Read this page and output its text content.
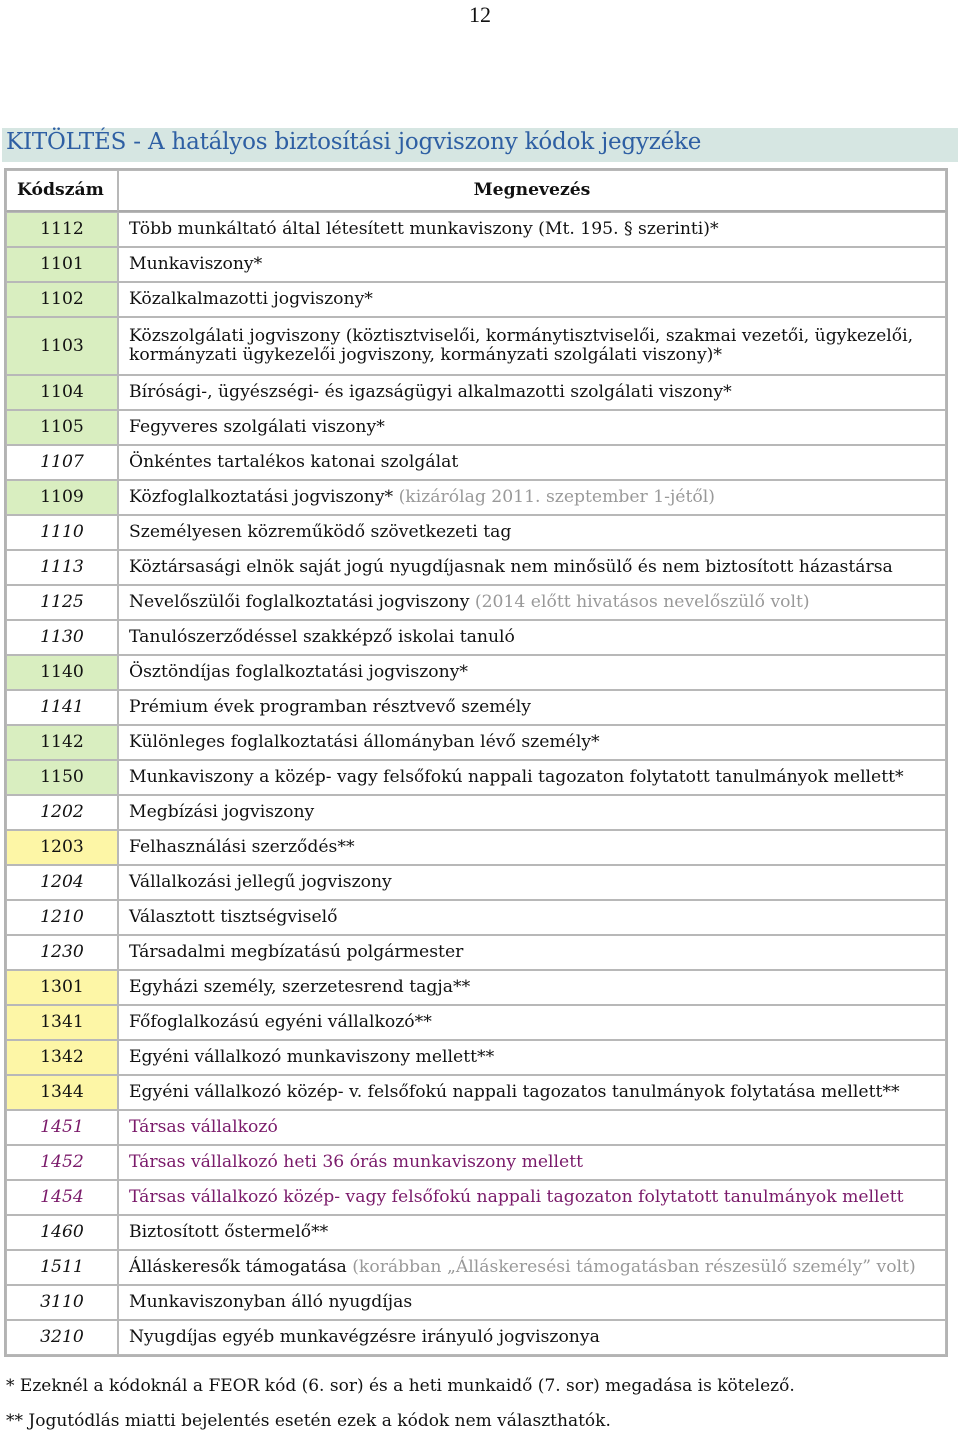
12
KITÖLTÉS - A hatályos biztosítási jogviszony kódok jegyzéke
Kódszám	Megnevezés
1112	Több munkáltató által létesített munkaviszony (Mt. 195. § szerinti)*
1101	Munkaviszony*
1102	Közalkalmazotti jogviszony*
1103	Közszolgálati jogviszony (köztisztviselői, kormánytisztviselői, szakmai vezetői, ügykezelői, kormányzati ügykezelői jogviszony, kormányzati szolgálati viszony)*
1104	Bírósági-, ügyészségi- és igazságügyi alkalmazotti szolgálati viszony*
1105	Fegyveres szolgálati viszony*
1107	Önkéntes tartalékos katonai szolgálat
1109	Közfoglalkoztatási jogviszony* (kizárólag 2011. szeptember 1-jétől)
1110	Személyesen közreműködő szövetkezeti tag
1113	Köztársasági elnök saját jogú nyugdíjasnak nem minősülő és nem biztosított házastársa
1125	Nevelőszülői foglalkoztatási jogviszony (2014 előtt hivatásos nevelőszülő volt)
1130	Tanulószerződéssel szakképző iskolai tanuló
1140	Ösztöndíjas foglalkoztatási jogviszony*
1141	Prémium évek programban résztvevő személy
1142	Különleges foglalkoztatási állományban lévő személy*
1150	Munkaviszony a közép- vagy felsőfokú nappali tagozaton folytatott tanulmányok mellett*
1202	Megbízási jogviszony
1203	Felhasználási szerződés**
1204	Vállalkozási jellegű jogviszony
1210	Választott tisztségviselő
1230	Társadalmi megbízatású polgármester
1301	Egyházi személy, szerzetesrend tagja**
1341	Főfoglalkozású egyéni vállalkozó**
1342	Egyéni vállalkozó munkaviszony mellett**
1344	Egyéni vállalkozó közép- v. felsőfokú nappali tagozatos tanulmányok folytatása mellett**
1451	Társas vállalkozó
1452	Társas vállalkozó heti 36 órás munkaviszony mellett
1454	Társas vállalkozó közép- vagy felsőfokú nappali tagozaton folytatott tanulmányok mellett
1460	Biztosított őstermelő**
1511	Álláskeresők támogatása (korábban „Álláskeresési támogatásban részesülő személy” volt)
3110	Munkaviszonyban álló nyugdíjas
3210	Nyugdíjas egyéb munkavégzésre irányuló jogviszonya
* Ezeknél a kódoknál a FEOR kód (6. sor) és a heti munkaidő (7. sor) megadása is kötelező.
** Jogutódlás miatti bejelentés esetén ezek a kódok nem választhatók.
